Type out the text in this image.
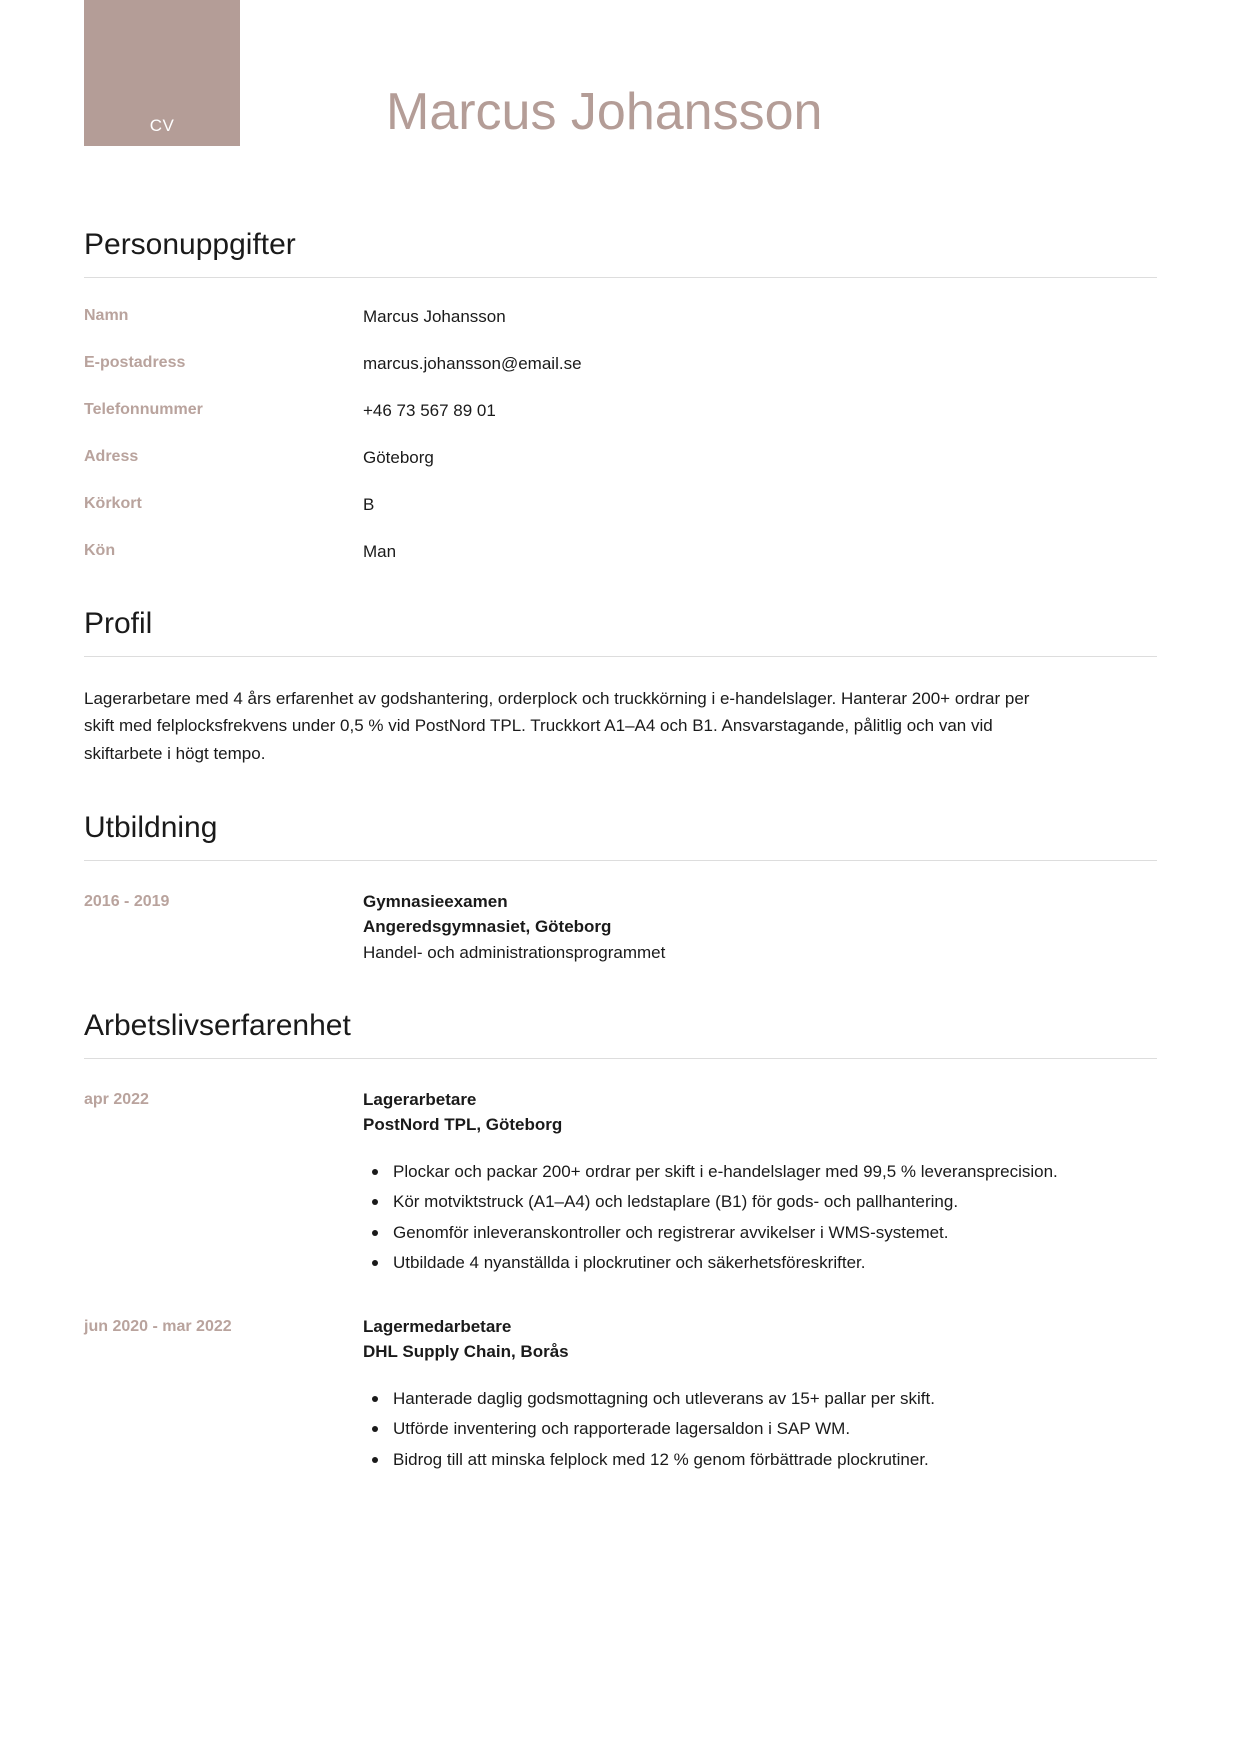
CV	Marcus Johansson
Personuppgifter
Namn	Marcus Johansson
E-postadress	marcus.johansson@email.se
Telefonnummer	+46 73 567 89 01
Adress	Göteborg
Körkort	B
Kön	Man
Profil

Lagerarbetare med 4 års erfarenhet av godshantering, orderplock och truckkörning i e-handelslager. Hanterar 200+ ordrar per skift med felplocksfrekvens under 0,5 % vid PostNord TPL. Truckkort A1–A4 och B1. Ansvarstagande, pålitlig och van vid skiftarbete i högt tempo.

Utbildning
2016 - 2019	Gymnasieexamen
Angeredsgymnasiet, Göteborg
Handel- och administrationsprogrammet
Arbetslivserfarenhet
apr 2022	Lagerarbetare
PostNord TPL, Göteborg
Plockar och packar 200+ ordrar per skift i e-handelslager med 99,5 % leveransprecision.
Kör motviktstruck (A1–A4) och ledstaplare (B1) för gods- och pallhantering.
Genomför inleveranskontroller och registrerar avvikelser i WMS-systemet.
Utbildade 4 nyanställda i plockrutiner och säkerhetsföreskrifter.
jun 2020 - mar 2022	Lagermedarbetare
DHL Supply Chain, Borås
Hanterade daglig godsmottagning och utleverans av 15+ pallar per skift.
Utförde inventering och rapporterade lagersaldon i SAP WM.
Bidrog till att minska felplock med 12 % genom förbättrade plockrutiner.
